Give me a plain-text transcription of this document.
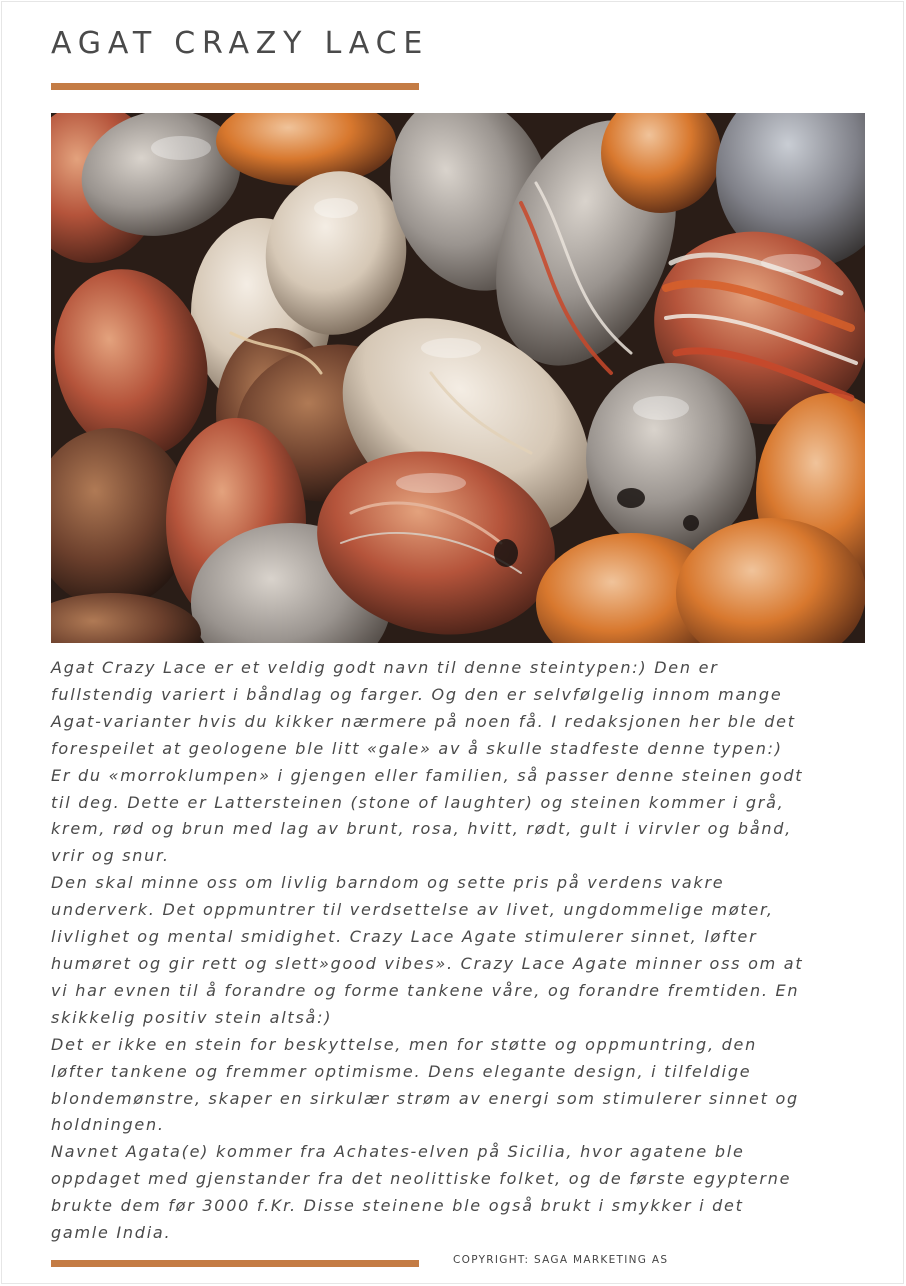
AGAT CRAZY LACE

Agat Crazy Lace er et veldig godt navn til denne steintypen:) Den er

fullstendig variert i båndlag og farger. Og den er selvfølgelig innom mange

Agat-varianter hvis du kikker nærmere på noen få. I redaksjonen her ble det

forespeilet at geologene ble litt «gale» av å skulle stadfeste denne typen:)

Er du «morroklumpen» i gjengen eller familien, så passer denne steinen godt

til deg. Dette er Lattersteinen (stone of laughter) og steinen kommer i grå,

krem, rød og brun med lag av brunt, rosa, hvitt, rødt, gult i virvler og bånd,

vrir og snur.

Den skal minne oss om livlig barndom og sette pris på verdens vakre

underverk. Det oppmuntrer til verdsettelse av livet, ungdommelige møter,

livlighet og mental smidighet. Crazy Lace Agate stimulerer sinnet, løfter

humøret og gir rett og slett»good vibes». Crazy Lace Agate minner oss om at

vi har evnen til å forandre og forme tankene våre, og forandre fremtiden. En

skikkelig positiv stein altså:)

Det er ikke en stein for beskyttelse, men for støtte og oppmuntring, den

løfter tankene og fremmer optimisme. Dens elegante design, i tilfeldige

blondemønstre, skaper en sirkulær strøm av energi som stimulerer sinnet og

holdningen.

Navnet Agata(e) kommer fra Achates-elven på Sicilia, hvor agatene ble

oppdaget med gjenstander fra det neolittiske folket, og de første egypterne

brukte dem før 3000 f.Kr. Disse steinene ble også brukt i smykker i det

gamle India.

COPYRIGHT: SAGA MARKETING AS
